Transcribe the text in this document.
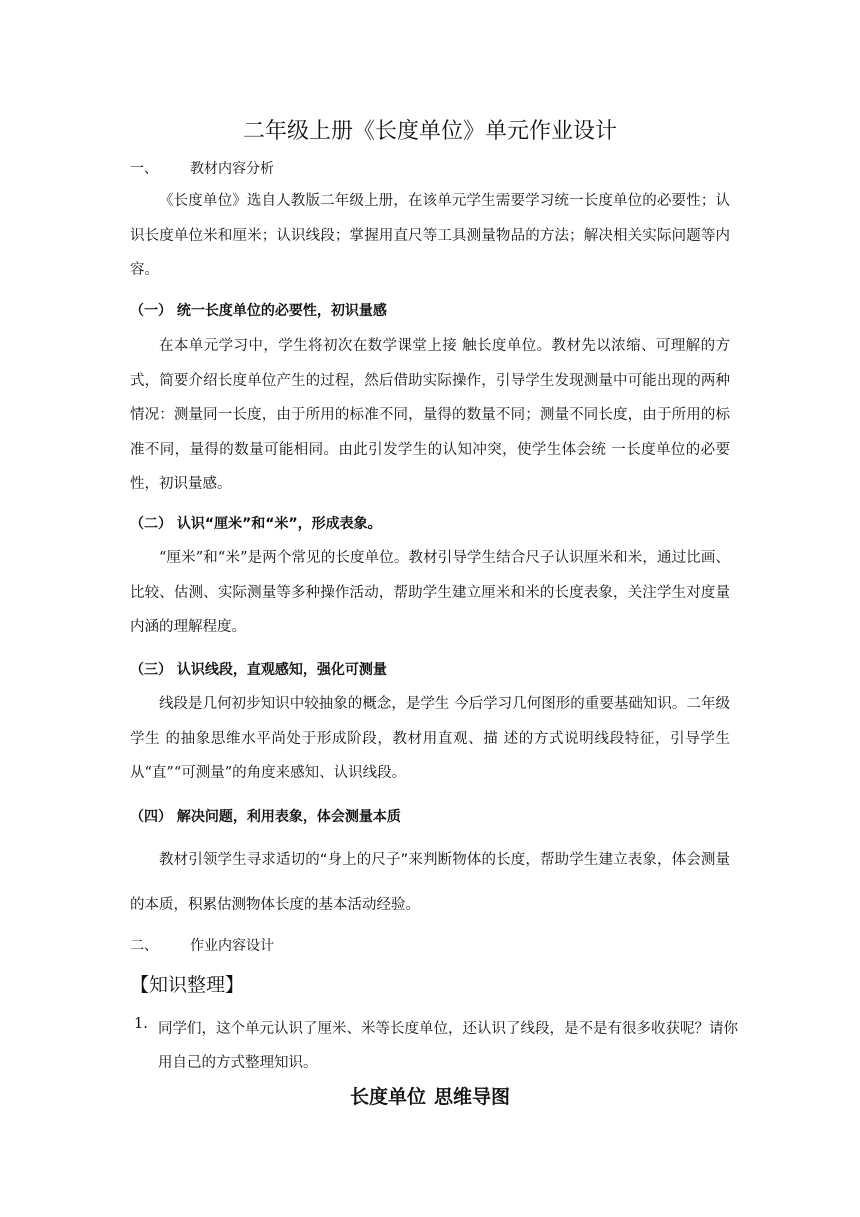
二年级上册《长度单位》单元作业设计
一、 教材内容分析

《长度单位》选自人教版二年级上册，在该单元学生需要学习统一长度单位的必要性；认识长度单位米和厘米；认识线段；掌握用直尺等工具测量物品的方法；解决相关实际问题等内容。

（一） 统一长度单位的必要性，初识量感

在本单元学习中，学生将初次在数学课堂上接 触长度单位。教材先以浓缩、可理解的方式，简要介绍长度单位产生的过程，然后借助实际操作，引导学生发现测量中可能出现的两种情况：测量同一长度，由于所用的标准不同，量得的数量不同；测量不同长度，由于所用的标准不同，量得的数量可能相同。由此引发学生的认知冲突，使学生体会统 一长度单位的必要性，初识量感。

（二） 认识“厘米”和“米”，形成表象。

“厘米”和“米”是两个常见的长度单位。教材引导学生结合尺子认识厘米和米，通过比画、比较、估测、实际测量等多种操作活动，帮助学生建立厘米和米的长度表象，关注学生对度量内涵的理解程度。

（三） 认识线段，直观感知，强化可测量

线段是几何初步知识中较抽象的概念，是学生 今后学习几何图形的重要基础知识。二年级学生 的抽象思维水平尚处于形成阶段，教材用直观、描 述的方式说明线段特征，引导学生从“直”“可测量”的角度来感知、认识线段。

（四） 解决问题，利用表象，体会测量本质

教材引领学生寻求适切的“身上的尺子”来判断物体的长度，帮助学生建立表象，体会测量的本质，积累估测物体长度的基本活动经验。

二、 作业内容设计
【知识整理】
1. 同学们，这个单元认识了厘米、米等长度单位，还认识了线段，是不是有很多收获呢？请你用自己的方式整理知识。

长度单位 思维导图
